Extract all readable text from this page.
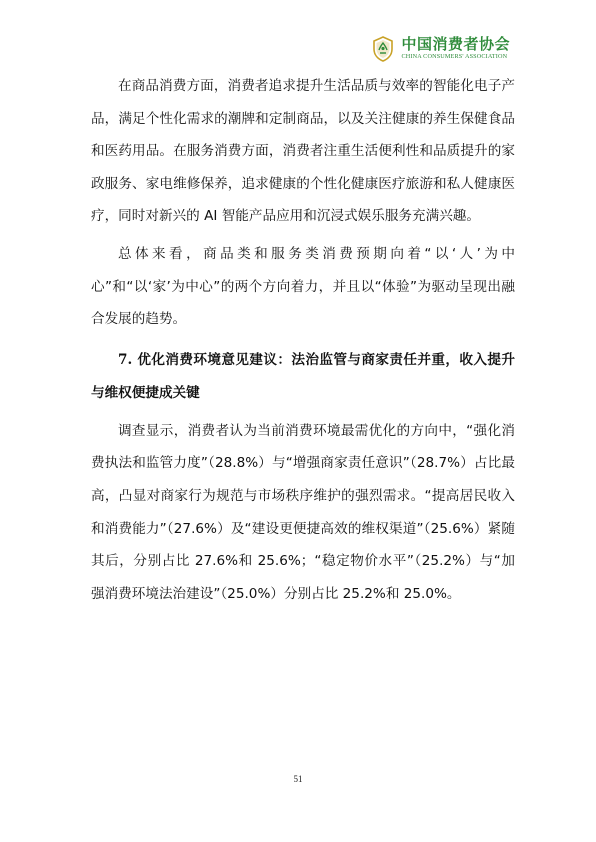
中国消费者协会
CHINA CONSUMERS' ASSOCIATION

在商品消费方面，消费者追求提升生活品质与效率的智能化电子产品，满足个性化需求的潮牌和定制商品，以及关注健康的养生保健食品和医药用品。在服务消费方面，消费者注重生活便利性和品质提升的家政服务、家电维修保养，追求健康的个性化健康医疗旅游和私人健康医疗，同时对新兴的 AI 智能产品应用和沉浸式娱乐服务充满兴趣。

总体来看，商品类和服务类消费预期向着“以‘人’为中心”和“以‘家’为中心”的两个方向着力，并且以“体验”为驱动呈现出融合发展的趋势。

7. 优化消费环境意见建议：法治监管与商家责任并重，收入提升与维权便捷成关键

调查显示，消费者认为当前消费环境最需优化的方向中，“强化消费执法和监管力度”（28.8%）与“增强商家责任意识”（28.7%）占比最高，凸显对商家行为规范与市场秩序维护的强烈需求。“提高居民收入和消费能力”（27.6%）及“建设更便捷高效的维权渠道”（25.6%）紧随其后，分别占比 27.6%和 25.6%；“稳定物价水平”（25.2%）与“加强消费环境法治建设”（25.0%）分别占比 25.2%和 25.0%。

51
